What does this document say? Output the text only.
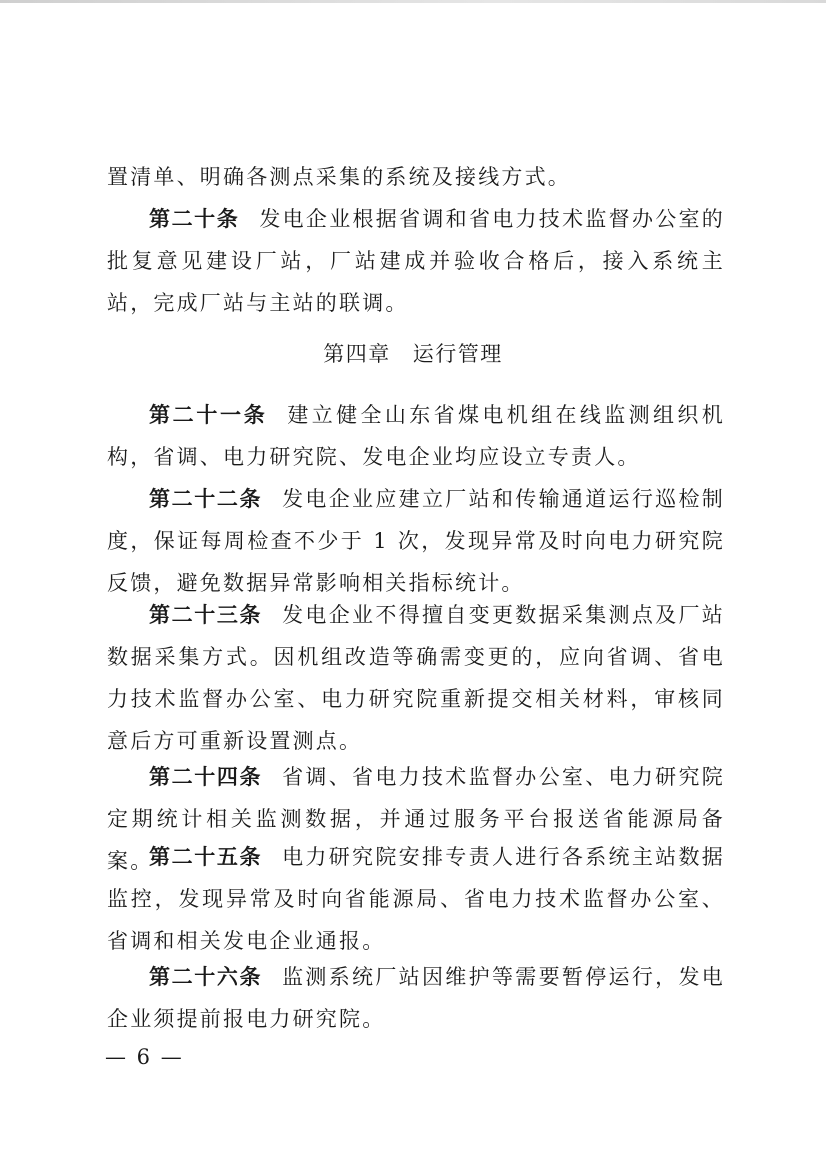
置清单、明确各测点采集的系统及接线方式。

第二十条 发电企业根据省调和省电力技术监督办公室的批复意见建设厂站，厂站建成并验收合格后，接入系统主站，完成厂站与主站的联调。

第四章 运行管理

第二十一条 建立健全山东省煤电机组在线监测组织机构，省调、电力研究院、发电企业均应设立专责人。

第二十二条 发电企业应建立厂站和传输通道运行巡检制度，保证每周检查不少于 1 次，发现异常及时向电力研究院反馈，避免数据异常影响相关指标统计。

第二十三条 发电企业不得擅自变更数据采集测点及厂站数据采集方式。因机组改造等确需变更的，应向省调、省电力技术监督办公室、电力研究院重新提交相关材料，审核同意后方可重新设置测点。

第二十四条 省调、省电力技术监督办公室、电力研究院定期统计相关监测数据，并通过服务平台报送省能源局备案。

第二十五条 电力研究院安排专责人进行各系统主站数据监控，发现异常及时向省能源局、省电力技术监督办公室、省调和相关发电企业通报。

第二十六条 监测系统厂站因维护等需要暂停运行，发电企业须提前报电力研究院。

— 6 —
